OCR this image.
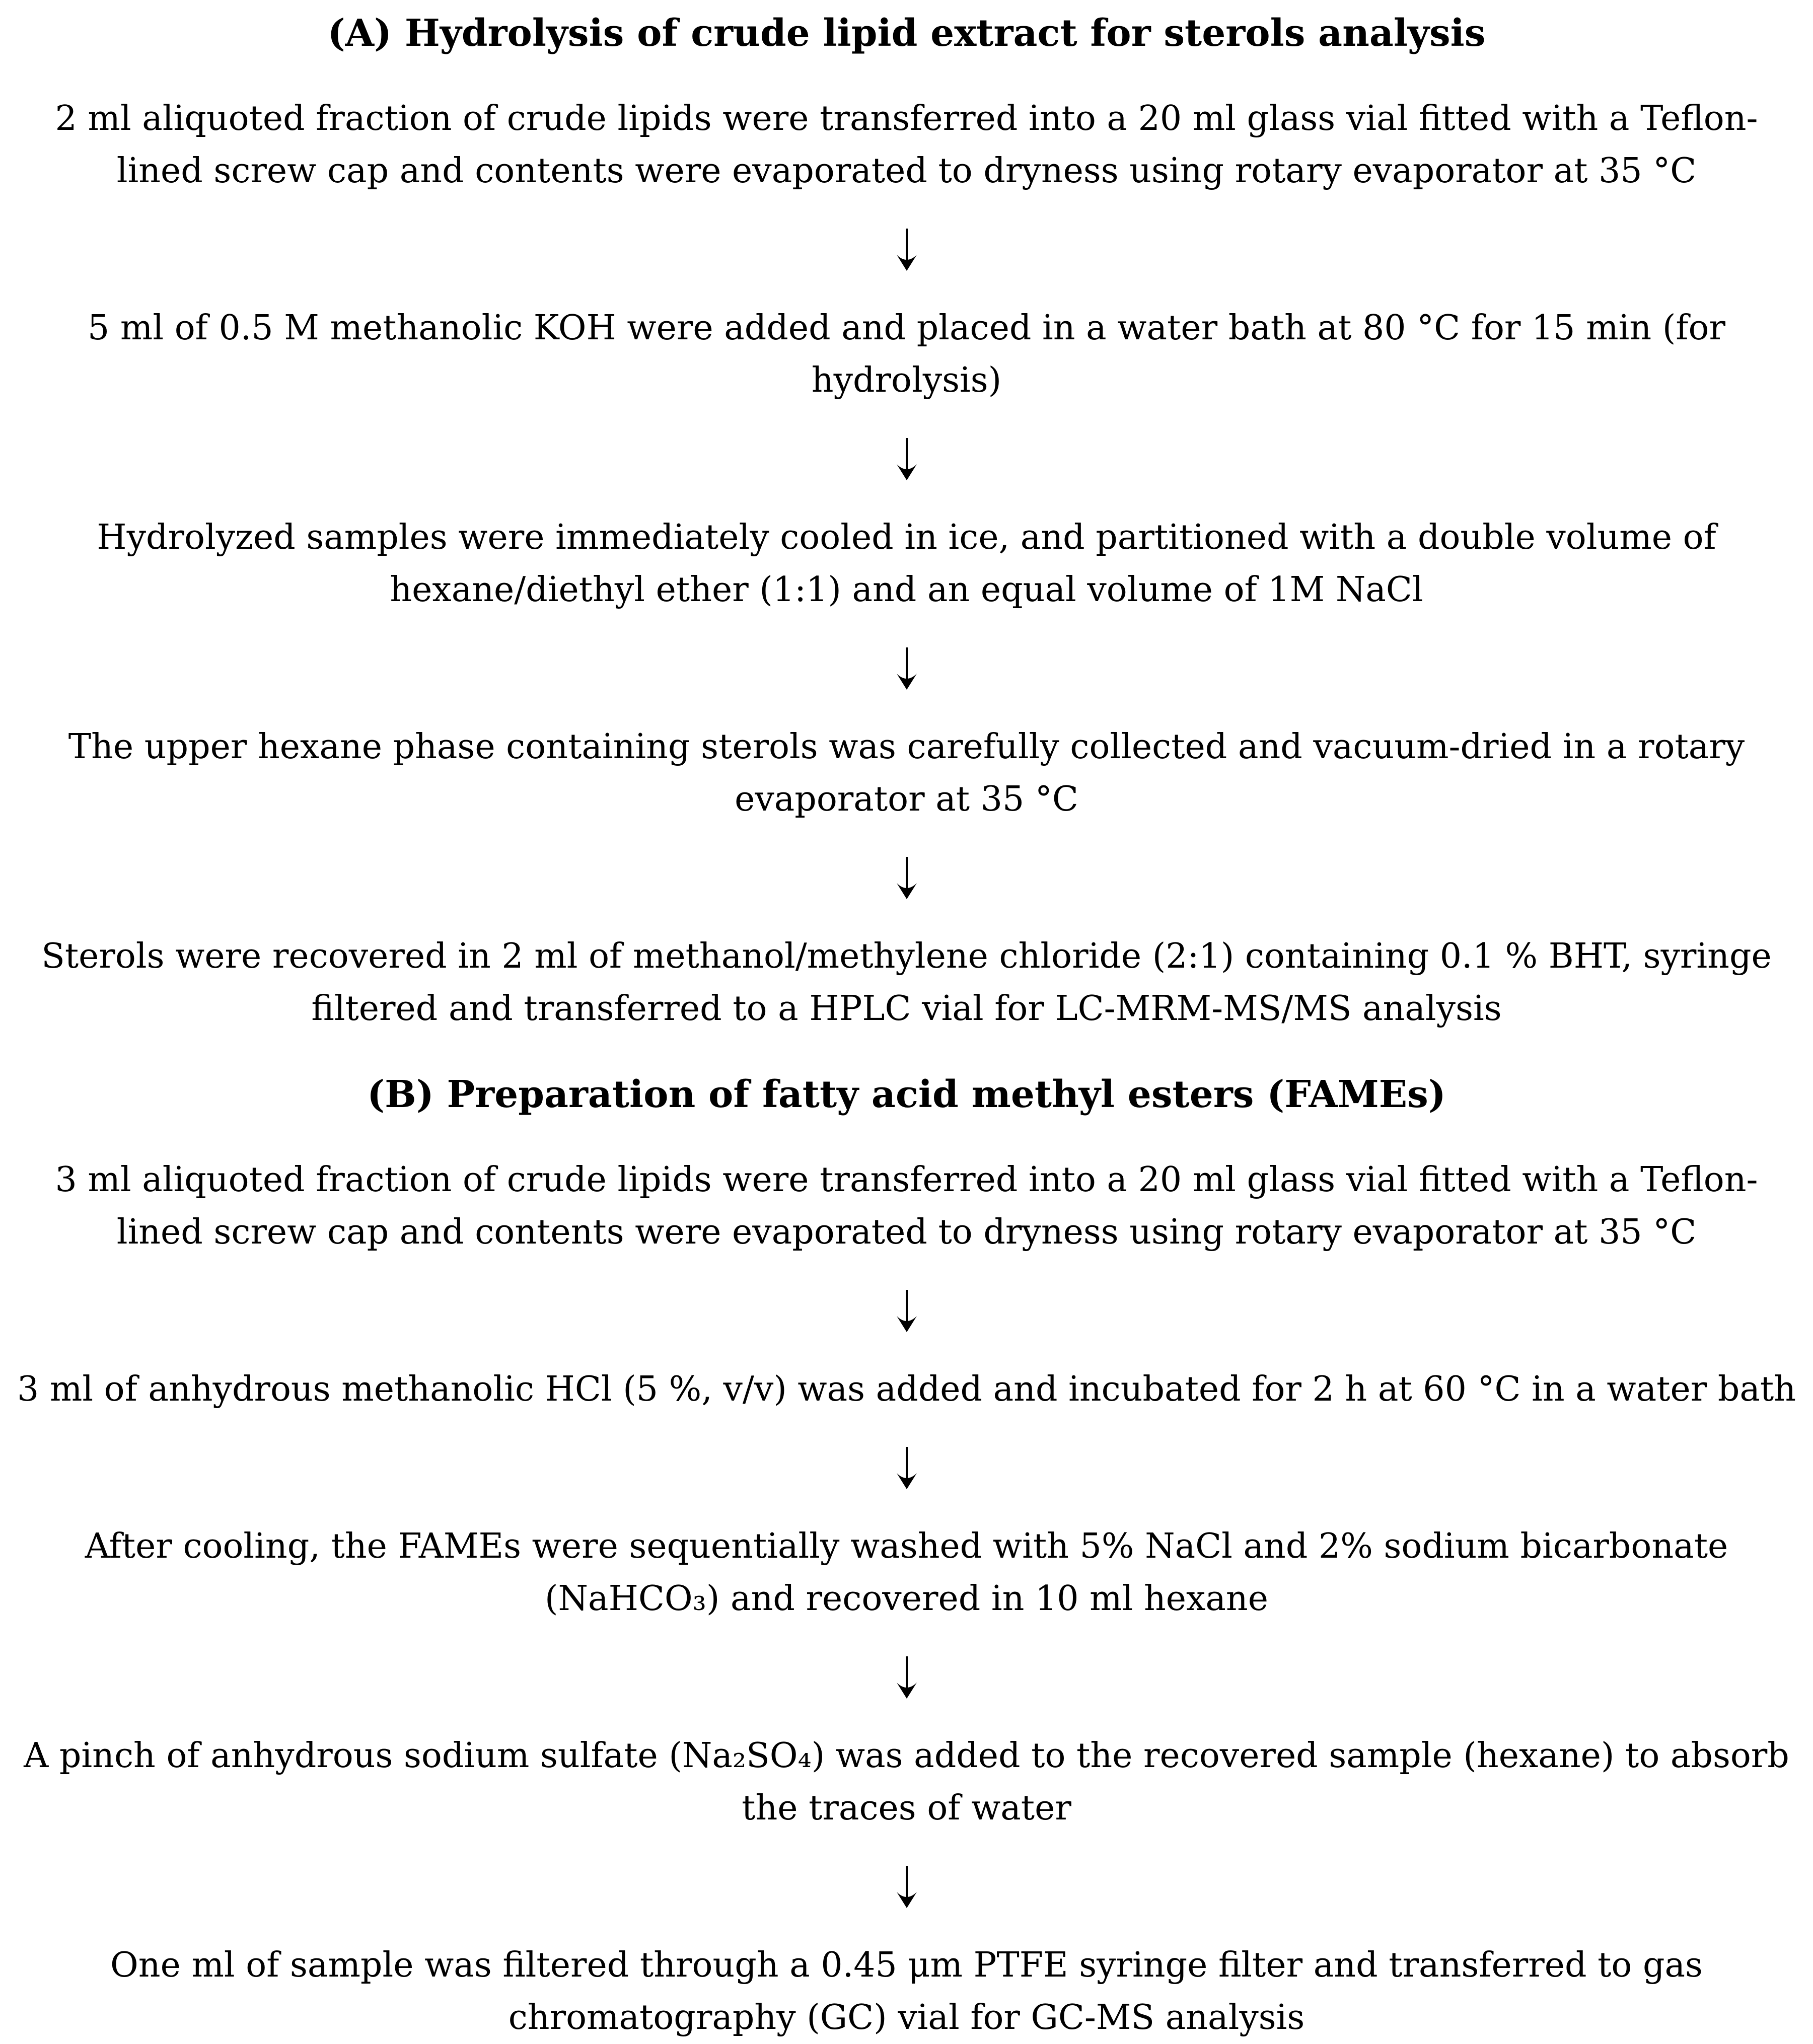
(A) Hydrolysis of crude lipid extract for sterols analysis
2 ml aliquoted fraction of crude lipids were transferred into a 20 ml glass vial fitted with a Teflon-
lined screw cap and contents were evaporated to dryness using rotary evaporator at 35 °C
5 ml of 0.5 M methanolic KOH were added and placed in a water bath at 80 °C for 15 min (for
hydrolysis)
Hydrolyzed samples were immediately cooled in ice, and partitioned with a double volume of
hexane/diethyl ether (1:1) and an equal volume of 1M NaCl
The upper hexane phase containing sterols was carefully collected and vacuum-dried in a rotary
evaporator at 35 °C
Sterols were recovered in 2 ml of methanol/methylene chloride (2:1) containing 0.1 % BHT, syringe
filtered and transferred to a HPLC vial for LC-MRM-MS/MS analysis
(B) Preparation of fatty acid methyl esters (FAMEs)
3 ml aliquoted fraction of crude lipids were transferred into a 20 ml glass vial fitted with a Teflon-
lined screw cap and contents were evaporated to dryness using rotary evaporator at 35 °C
3 ml of anhydrous methanolic HCl (5 %, v/v) was added and incubated for 2 h at 60 °C in a water bath
After cooling, the FAMEs were sequentially washed with 5% NaCl and 2% sodium bicarbonate
(NaHCO₃) and recovered in 10 ml hexane
A pinch of anhydrous sodium sulfate (Na₂SO₄) was added to the recovered sample (hexane) to absorb
the traces of water
One ml of sample was filtered through a 0.45 μm PTFE syringe filter and transferred to gas
chromatography (GC) vial for GC-MS analysis
